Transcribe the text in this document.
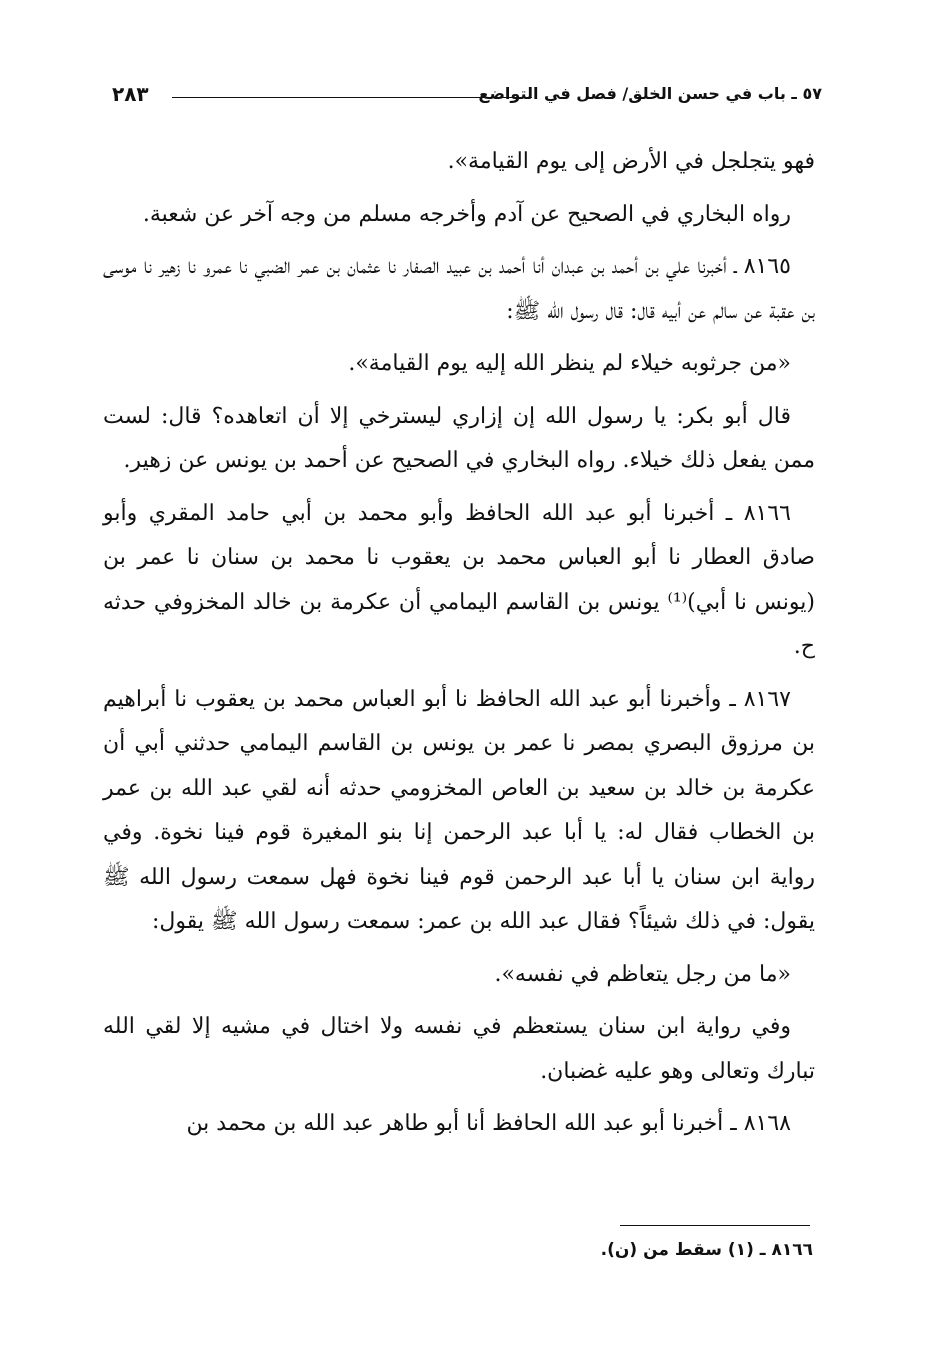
٥٧ ـ باب في حسن الخلق/ فصل في التواضع
٢٨٣

فهو يتجلجل في الأرض إلى يوم القيامة».

رواه البخاري في الصحيح عن آدم وأخرجه مسلم من وجه آخر عن شعبة.

٨١٦٥ ـ أخبرنا علي بن أحمد بن عبدان أنا أحمد بن عبيد الصفار نا عثمان بن عمر الضبي نا عمرو نا زهير نا موسى بن عقبة عن سالم عن أبيه قال: قال رسول الله ﷺ:

«من جرثوبه خيلاء لم ينظر الله إليه يوم القيامة».

قال أبو بكر: يا رسول الله إن إزاري ليسترخي إلا أن اتعاهده؟ قال: لست ممن يفعل ذلك خيلاء. رواه البخاري في الصحيح عن أحمد بن يونس عن زهير.

٨١٦٦ ـ أخبرنا أبو عبد الله الحافظ وأبو محمد بن أبي حامد المقري وأبو صادق العطار نا أبو العباس محمد بن يعقوب نا محمد بن سنان نا عمر بن (يونس نا أبي)⁽¹⁾ يونس بن القاسم اليمامي أن عكرمة بن خالد المخزوفي حدثه ح.

٨١٦٧ ـ وأخبرنا أبو عبد الله الحافظ نا أبو العباس محمد بن يعقوب نا أبراهيم بن مرزوق البصري بمصر نا عمر بن يونس بن القاسم اليمامي حدثني أبي أن عكرمة بن خالد بن سعيد بن العاص المخزومي حدثه أنه لقي عبد الله بن عمر بن الخطاب فقال له: يا أبا عبد الرحمن إنا بنو المغيرة قوم فينا نخوة. وفي رواية ابن سنان يا أبا عبد الرحمن قوم فينا نخوة فهل سمعت رسول الله ﷺ يقول: في ذلك شيئاً؟ فقال عبد الله بن عمر: سمعت رسول الله ﷺ يقول:

«ما من رجل يتعاظم في نفسه».

وفي رواية ابن سنان يستعظم في نفسه ولا اختال في مشيه إلا لقي الله تبارك وتعالى وهو عليه غضبان.

٨١٦٨ ـ أخبرنا أبو عبد الله الحافظ أنا أبو طاهر عبد الله بن محمد بن

٨١٦٦ ـ (١) سقط من (ن).
